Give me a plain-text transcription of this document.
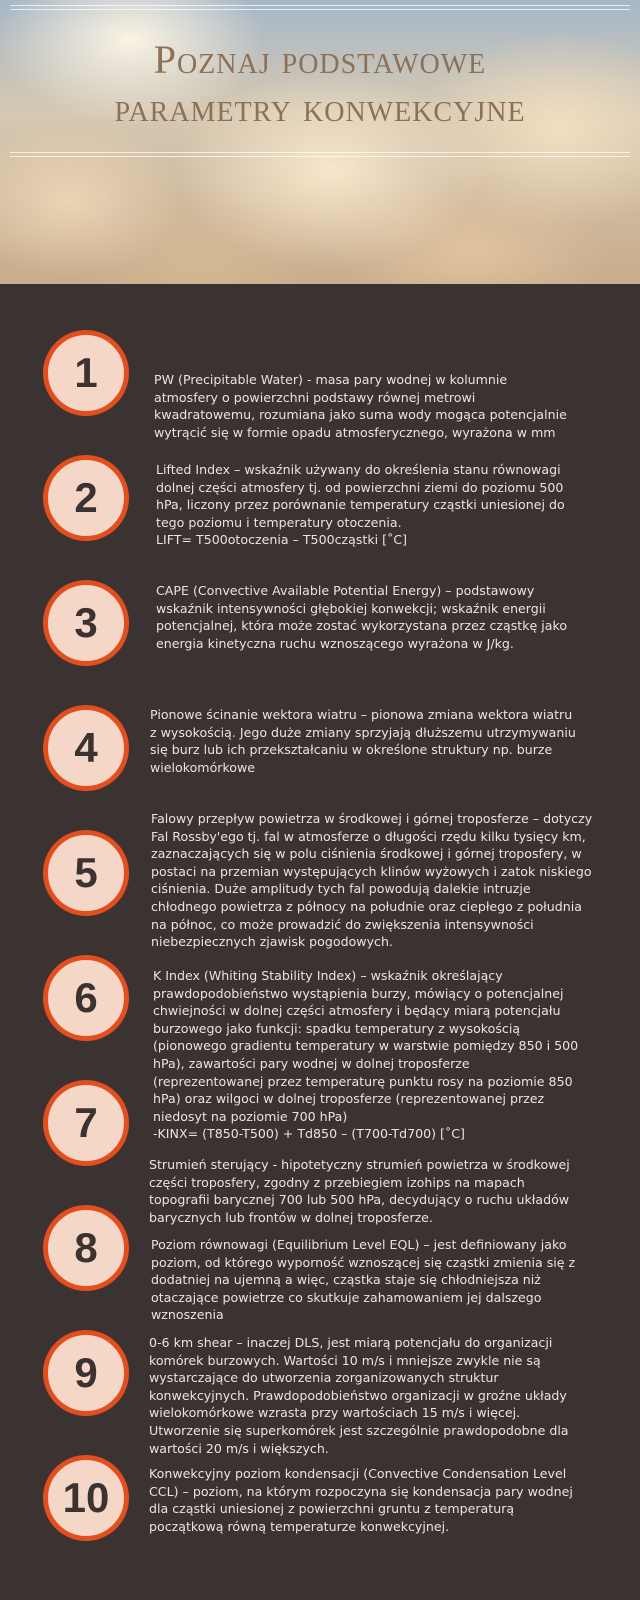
Poznaj podstawowe
parametry konwekcyjne
1	PW (Precipitable Water) - masa pary wodnej w kolumnie
atmosfery o powierzchni podstawy równej metrowi
kwadratowemu, rozumiana jako suma wody mogąca potencjalnie
wytrącić się w formie opadu atmosferycznego, wyrażona w mm
2
Lifted Index – wskaźnik używany do określenia stanu równowagi
dolnej części atmosfery tj. od powierzchni ziemi do poziomu 500
hPa, liczony przez porównanie temperatury cząstki uniesionej do
tego poziomu i temperatury otoczenia.
LIFT= T500otoczenia – T500cząstki [˚C]
3
CAPE (Convective Available Potential Energy) – podstawowy
wskaźnik intensywności głębokiej konwekcji; wskaźnik energii
potencjalnej, która może zostać wykorzystana przez cząstkę jako
energia kinetyczna ruchu wznoszącego wyrażona w J/kg.
4
Pionowe ścinanie wektora wiatru – pionowa zmiana wektora wiatru
z wysokością. Jego duże zmiany sprzyjają dłuższemu utrzymywaniu
się burz lub ich przekształcaniu w określone struktury np. burze
wielokomórkowe
5
Falowy przepływ powietrza w środkowej i górnej troposferze – dotyczy
Fal Rossby'ego tj. fal w atmosferze o długości rzędu kilku tysięcy km,
zaznaczających się w polu ciśnienia środkowej i górnej troposfery, w
postaci na przemian występujących klinów wyżowych i zatok niskiego
ciśnienia. Duże amplitudy tych fal powodują dalekie intruzje
chłodnego powietrza z północy na południe oraz ciepłego z południa
na północ, co może prowadzić do zwiększenia intensywności
niebezpiecznych zjawisk pogodowych.
6	K Index (Whiting Stability Index) – wskaźnik określający
prawdopodobieństwo wystąpienia burzy, mówiący o potencjalnej
chwiejności w dolnej części atmosfery i będący miarą potencjału
burzowego jako funkcji: spadku temperatury z wysokością
(pionowego gradientu temperatury w warstwie pomiędzy 850 i 500
hPa), zawartości pary wodnej w dolnej troposferze
(reprezentowanej przez temperaturę punktu rosy na poziomie 850
hPa) oraz wilgoci w dolnej troposferze (reprezentowanej przez
niedosyt na poziomie 700 hPa)
-KINX= (T850-T500) + Td850 – (T700-Td700) [˚C]
7
Strumień sterujący - hipotetyczny strumień powietrza w środkowej
części troposfery, zgodny z przebiegiem izohips na mapach
topografii barycznej 700 lub 500 hPa, decydujący o ruchu układów
barycznych lub frontów w dolnej troposferze.
8	Poziom równowagi (Equilibrium Level EQL) – jest definiowany jako
poziom, od którego wyporność wznoszącej się cząstki zmienia się z
dodatniej na ujemną a więc, cząstka staje się chłodniejsza niż
otaczające powietrze co skutkuje zahamowaniem jej dalszego
wznoszenia
9
0-6 km shear – inaczej DLS, jest miarą potencjału do organizacji
komórek burzowych. Wartości 10 m/s i mniejsze zwykle nie są
wystarczające do utworzenia zorganizowanych struktur
konwekcyjnych. Prawdopodobieństwo organizacji w groźne układy
wielokomórkowe wzrasta przy wartościach 15 m/s i więcej.
Utworzenie się superkomórek jest szczególnie prawdopodobne dla
wartości 20 m/s i większych.
10
Konwekcyjny poziom kondensacji (Convective Condensation Level
CCL) – poziom, na którym rozpoczyna się kondensacja pary wodnej
dla cząstki uniesionej z powierzchni gruntu z temperaturą
początkową równą temperaturze konwekcyjnej.
